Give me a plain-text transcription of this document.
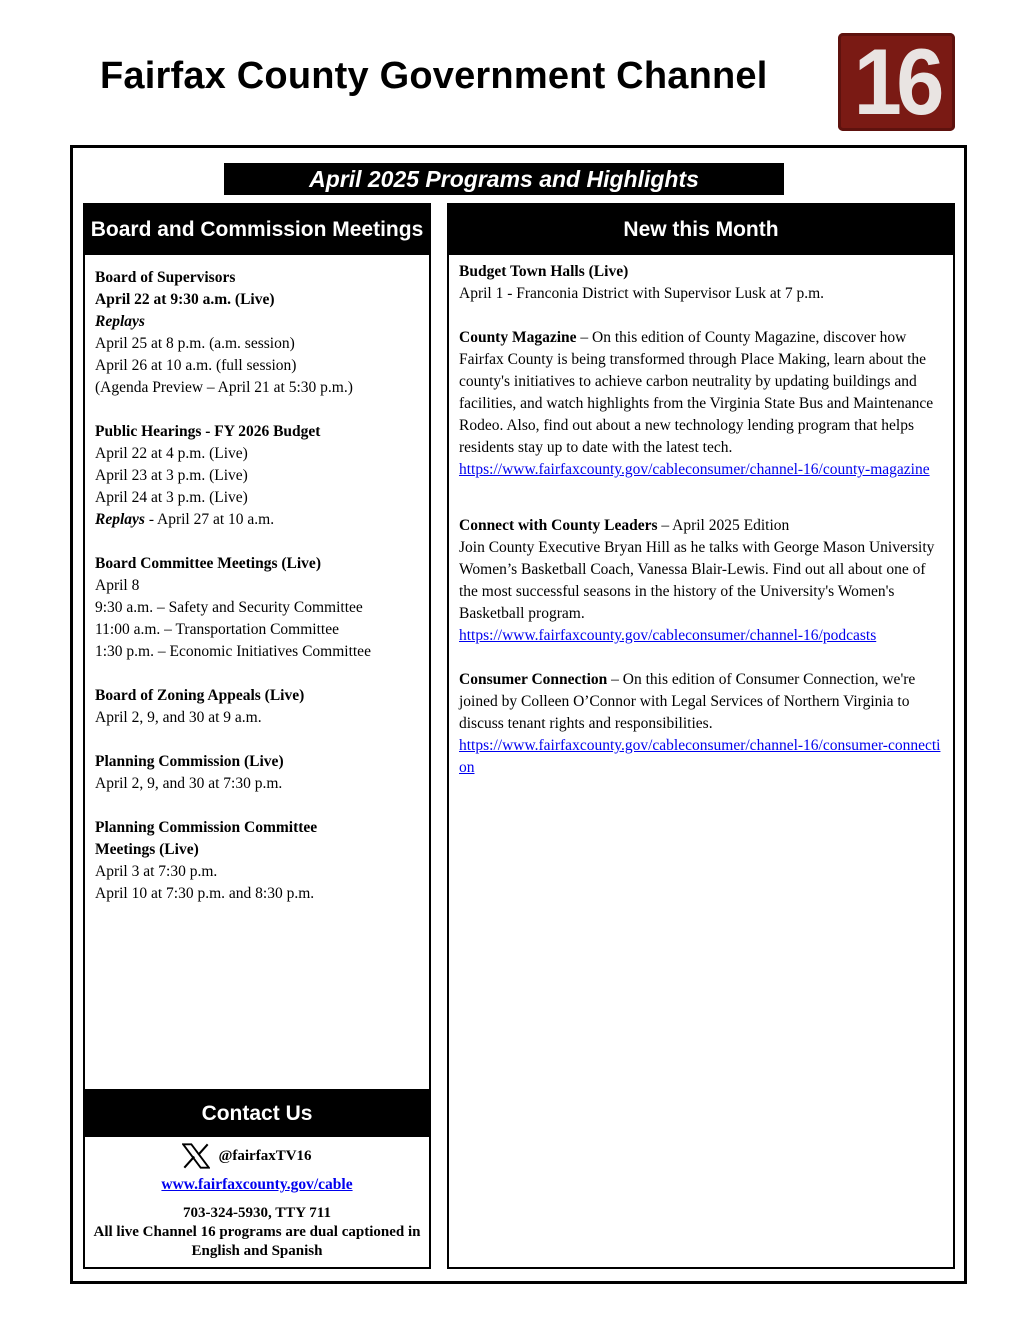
Fairfax County Government Channel 16
April 2025 Programs and Highlights
Board and Commission Meetings
Board of Supervisors
April 22 at 9:30 a.m. (Live)
Replays
April 25 at 8 p.m. (a.m. session)
April 26 at 10 a.m. (full session)
(Agenda Preview – April 21 at 5:30 p.m.)
Public Hearings - FY 2026 Budget
April 22 at 4 p.m. (Live)
April 23 at 3 p.m. (Live)
April 24 at 3 p.m. (Live)
Replays - April 27 at 10 a.m.
Board Committee Meetings (Live)
April 8
9:30 a.m. – Safety and Security Committee
11:00 a.m. – Transportation Committee
1:30 p.m. – Economic Initiatives Committee
Board of Zoning Appeals (Live)
April 2, 9, and 30 at 9 a.m.
Planning Commission (Live)
April 2, 9, and 30 at 7:30 p.m.
Planning Commission Committee
Meetings (Live)
April 3 at 7:30 p.m.
April 10 at 7:30 p.m. and 8:30 p.m.
Contact Us
@fairfaxTV16
www.fairfaxcounty.gov/cable
703-324-5930, TTY 711
All live Channel 16 programs are dual captioned in English and Spanish
New this Month
Budget Town Halls (Live)
April 1 - Franconia District with Supervisor Lusk at 7 p.m.
County Magazine – On this edition of County Magazine, discover how Fairfax County is being transformed through Place Making, learn about the county's initiatives to achieve carbon neutrality by updating buildings and facilities, and watch highlights from the Virginia State Bus and Maintenance Rodeo. Also, find out about a new technology lending program that helps residents stay up to date with the latest tech.
https://www.fairfaxcounty.gov/cableconsumer/channel-16/county-magazine
Connect with County Leaders – April 2025 Edition
Join County Executive Bryan Hill as he talks with George Mason University Women’s Basketball Coach, Vanessa Blair-Lewis. Find out all about one of the most successful seasons in the history of the University's Women's Basketball program.
https://www.fairfaxcounty.gov/cableconsumer/channel-16/podcasts
Consumer Connection – On this edition of Consumer Connection, we're joined by Colleen O’Connor with Legal Services of Northern Virginia to discuss tenant rights and responsibilities.
https://www.fairfaxcounty.gov/cableconsumer/channel-16/consumer-connection
